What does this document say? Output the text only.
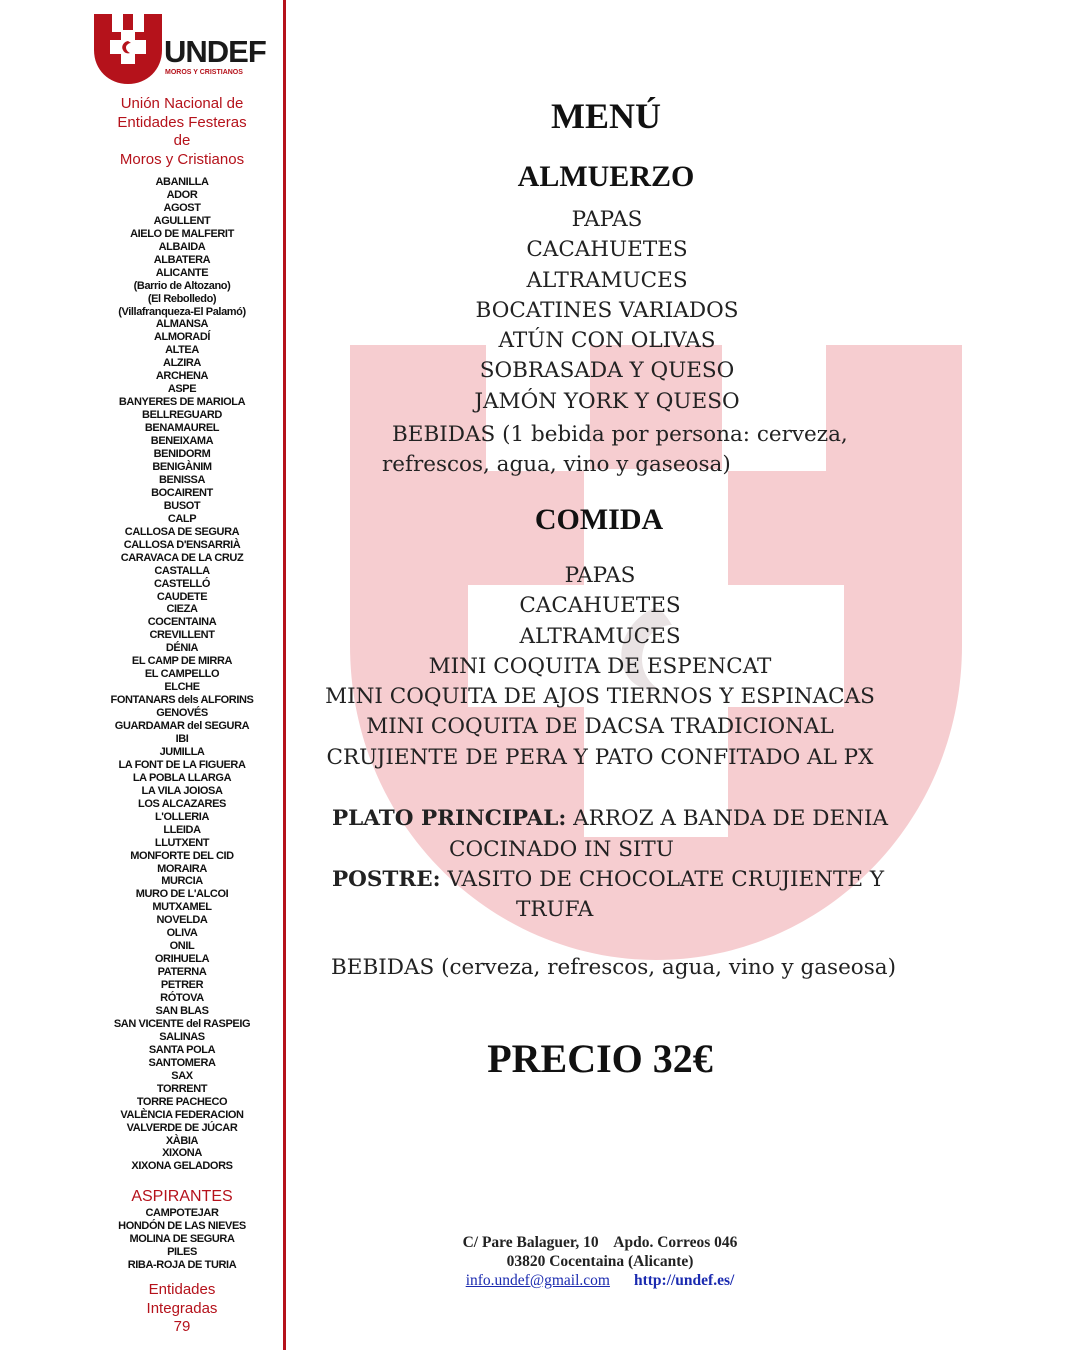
UNDEF
MOROS Y CRISTIANOS
Unión Nacional de
Entidades Festeras
de
Moros y Cristianos
ABANILLA
ADOR
AGOST
AGULLENT
AIELO DE MALFERIT
ALBAIDA
ALBATERA
ALICANTE
(Barrio de Altozano)
(El Rebolledo)
(Villafranqueza-El Palamó)
ALMANSA
ALMORADÍ
ALTEA
ALZIRA
ARCHENA
ASPE
BANYERES DE MARIOLA
BELLREGUARD
BENAMAUREL
BENEIXAMA
BENIDORM
BENIGÀNIM
BENISSA
BOCAIRENT
BUSOT
CALP
CALLOSA DE SEGURA
CALLOSA D'ENSARRIÀ
CARAVACA DE LA CRUZ
CASTALLA
CASTELLÓ
CAUDETE
CIEZA
COCENTAINA
CREVILLENT
DÉNIA
EL CAMP DE MIRRA
EL CAMPELLO
ELCHE
FONTANARS dels ALFORINS
GENOVÉS
GUARDAMAR del SEGURA
IBI
JUMILLA
LA FONT DE LA FIGUERA
LA POBLA LLARGA
LA VILA JOIOSA
LOS ALCAZARES
L'OLLERIA
LLEIDA
LLUTXENT
MONFORTE DEL CID
MORAIRA
MURCIA
MURO DE L'ALCOI
MUTXAMEL
NOVELDA
OLIVA
ONIL
ORIHUELA
PATERNA
PETRER
RÓTOVA
SAN BLAS
SAN VICENTE del RASPEIG
SALINAS
SANTA POLA
SANTOMERA
SAX
TORRENT
TORRE PACHECO
VALÈNCIA FEDERACION
VALVERDE DE JÚCAR
XÀBIA
XIXONA
XIXONA GELADORS
ASPIRANTES
CAMPOTEJAR
HONDÓN DE LAS NIEVES
MOLINA DE SEGURA
PILES
RIBA-ROJA DE TURIA
Entidades
Integradas
79
MENÚ
ALMUERZO
PAPAS
CACAHUETES
ALTRAMUCES
BOCATINES VARIADOS
ATÚN CON OLIVAS
SOBRASADA Y QUESO
JAMÓN YORK Y QUESO
BEBIDAS (1 bebida por persona: cerveza,
refrescos, agua, vino y gaseosa)
COMIDA
PAPAS
CACAHUETES
ALTRAMUCES
MINI COQUITA DE ESPENCAT
MINI COQUITA DE AJOS TIERNOS Y ESPINACAS
MINI COQUITA DE DACSA TRADICIONAL
CRUJIENTE DE PERA Y PATO CONFITADO AL PX
PLATO PRINCIPAL: ARROZ A BANDA DE DENIA
COCINADO IN SITU
POSTRE: VASITO DE CHOCOLATE CRUJIENTE Y
TRUFA
BEBIDAS (cerveza, refrescos, agua, vino y gaseosa)
PRECIO 32€
C/ Pare Balaguer, 10    Apdo. Correos 046
03820 Cocentaina (Alicante)
info.undef@gmail.com http://undef.es/
